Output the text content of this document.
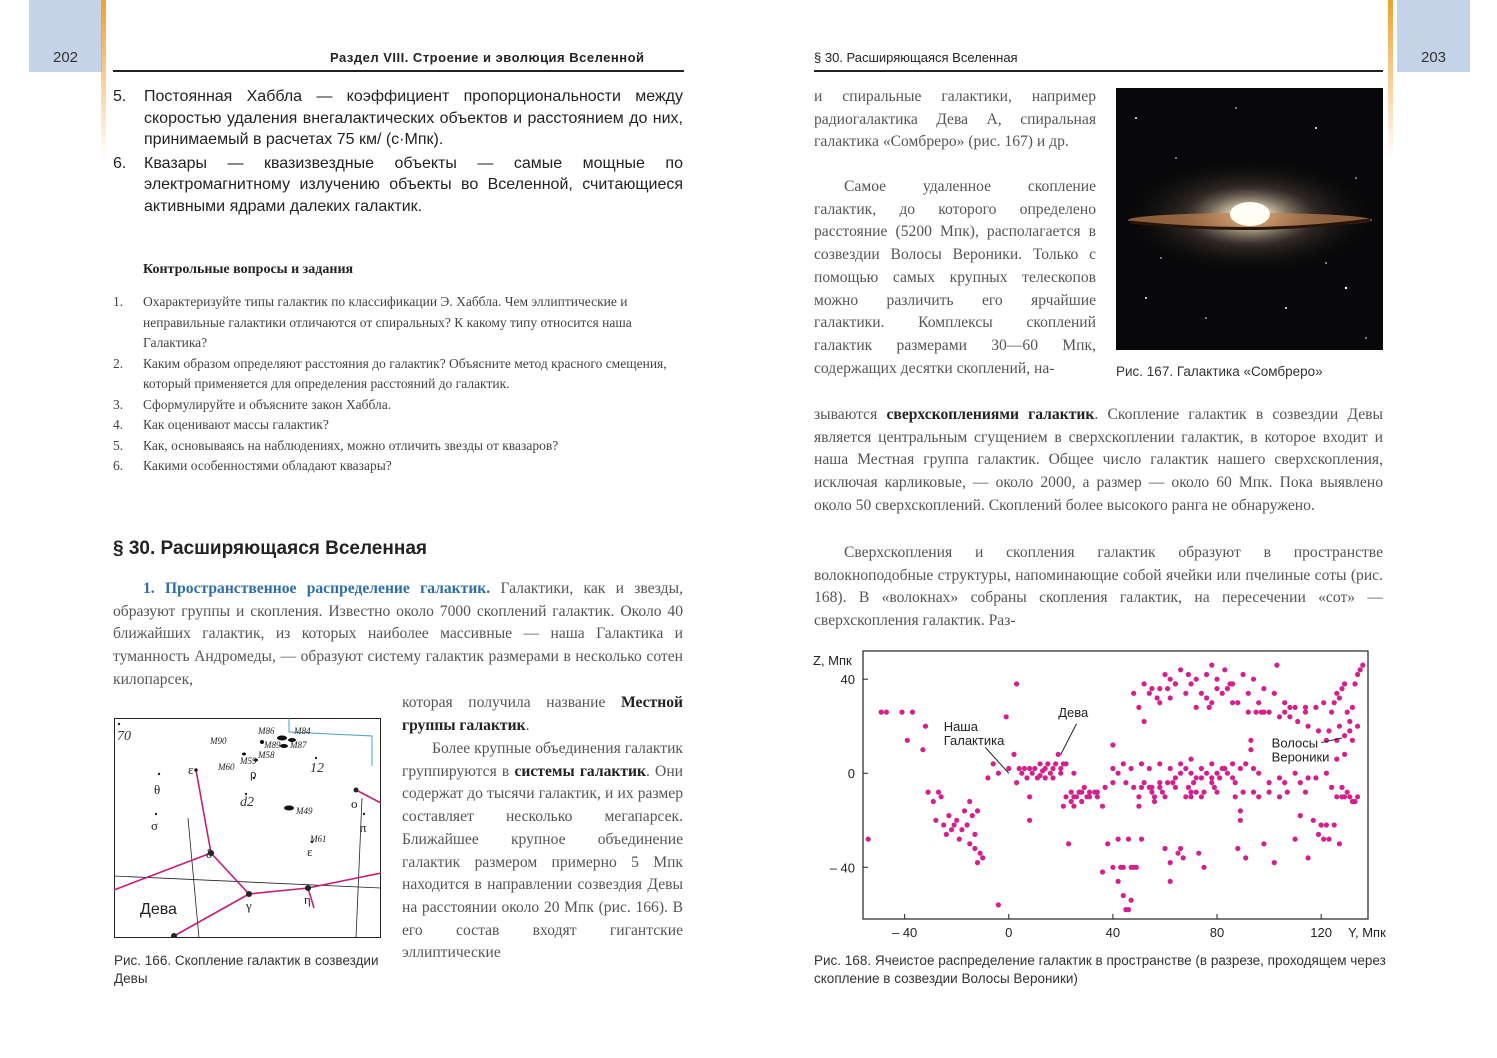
202	Раздел VIII. Строение и эволюция Вселенной
5.	Постоянная Хаббла — коэффициент пропорциональности между скоростью удаления внегалактических объектов и расстоянием до них, принимаемый в расчетах 75 км/ (с·Мпк).
6.	Квазары — квазизвездные объекты — самые мощные по электромагнитному излучению объекты во Вселенной, считающиеся активными ядрами далеких галактик.
Контрольные вопросы и задания
1.	Охарактеризуйте типы галактик по классификации Э. Хаббла. Чем эллиптические и неправильные галактики отличаются от спиральных? К какому типу относится наша Галактика?
2.	Каким образом определяют расстояния до галактик? Объясните метод красного смещения, который применяется для определения расстояний до галактик.
3.	Сформулируйте и объясните закон Хаббла.
4.	Как оценивают массы галактик?
5.	Как, основываясь на наблюдениях, можно отличить звезды от квазаров?
6.	Какими особенностями обладают квазары?
§ 30. Расширяющаяся Вселенная
1. Пространственное распределение галактик. Галактики, как и звезды, образуют группы и скопления. Известно около 7000 скоплений галактик. Около 40 ближайших галактик, из которых наиболее массивные — наша Галактика и туманность Андромеды, — образуют систему галактик размерами в несколько сотен килопарсек,
которая получила название Местной группы галактик.
Более крупные объединения галактик группируются в системы галактик. Они содержат до тысячи галактик, и их размер составляет несколько мегапарсек. Ближайшее крупное объединение галактик размером примерно 5 Мпк находится в направлении созвездия Девы на расстоянии около 20 Мпк (рис. 166). В его состав входят гигантские эллиптические
M86 M84
M90	M89 M87
M60
M59
M58
M49
M61
70
12
d2
ε	ρ
θ
σ
δ
γ	η
ο
π
ε
Дева
Рис. 166. Скопление галактик в созвездии Девы
203
§ 30. Расширяющаяся Вселенная
и спиральные галактики, например радиогалактика Дева А, спиральная галактика «Сомбреро» (рис. 167) и др.
Самое удаленное скопление галактик, до которого определено расстояние (5200 Мпк), располагается в созвездии Волосы Вероники. Только с помощью самых крупных телескопов можно различить его ярчайшие галактики. Комплексы скоплений галактик размерами 30—60 Мпк, содержащих десятки скоплений, на-	Рис. 167. Галактика «Сомбреро»
зываются сверхскоплениями галактик. Скопление галактик в созвездии Девы является центральным сгущением в сверхскоплении галактик, в которое входит и наша Местная группа галактик. Общее число галактик нашего сверхскопления, исключая карликовые, — около 2000, а размер — около 60 Мпк. Пока выявлено около 50 сверхскоплений. Скоплений более высокого ранга не обнаружено.
Сверхскопления и скопления галактик образуют в пространстве волокноподобные структуры, напоминающие собой ячейки или пчелиные соты (рис. 168). В «волокнах» собраны скопления галактик, на пересечении «сот» — сверхскопления галактик. Раз-
– 40	0	40	80	120
40
0
– 40
Z, Мпк
Y, Мпк
Наша Галактика
Дева
Волосы Вероники
Рис. 168. Ячеистое распределение галактик в пространстве (в разрезе, проходящем через скопление в созвездии Волосы Вероники)
